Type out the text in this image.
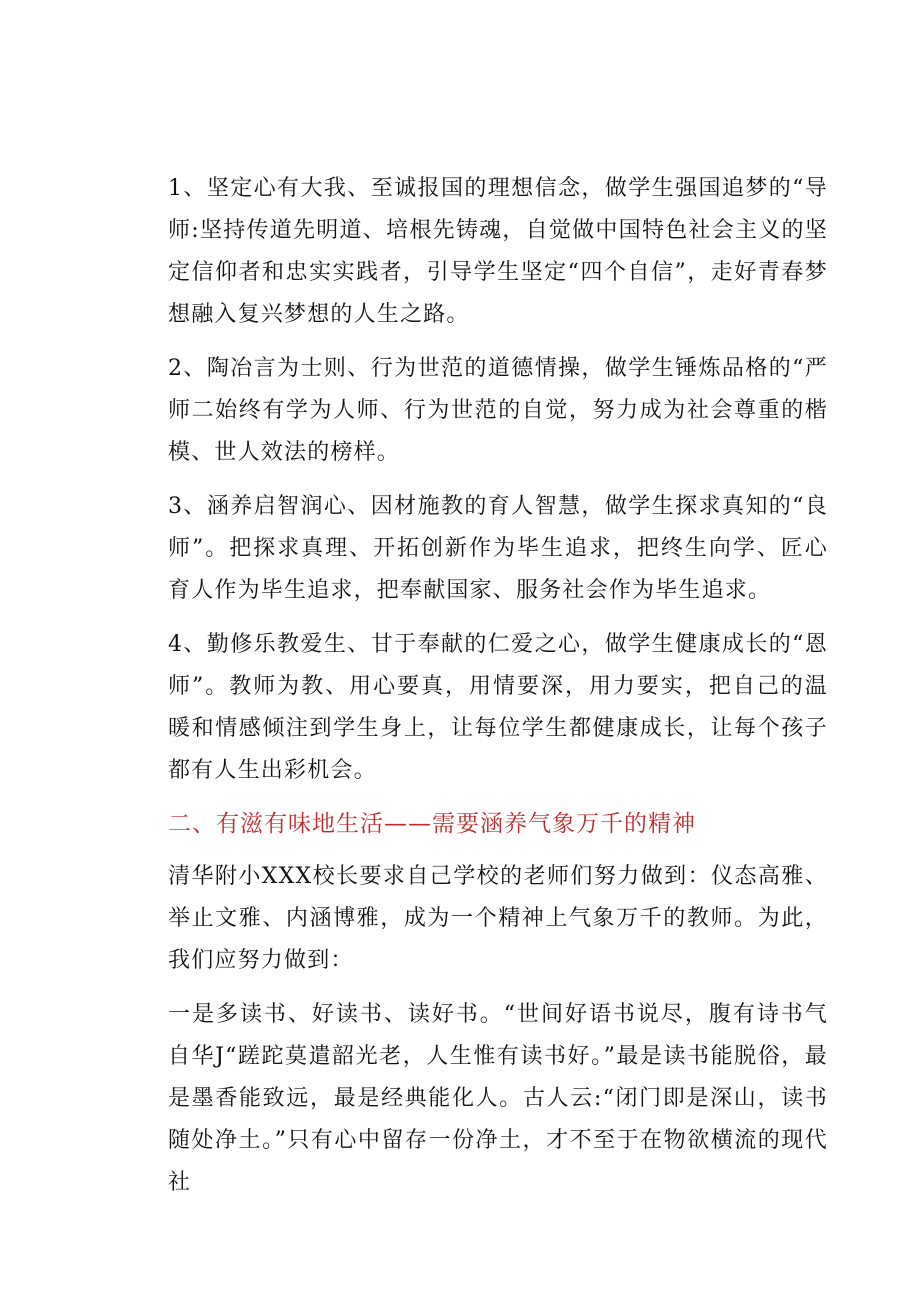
1、坚定心有大我、至诚报国的理想信念，做学生强国追梦的“导师:坚持传道先明道、培根先铸魂，自觉做中国特色社会主义的坚定信仰者和忠实实践者，引导学生坚定“四个自信”，走好青春梦想融入复兴梦想的人生之路。

2、陶冶言为士则、行为世范的道德情操，做学生锤炼品格的“严师二始终有学为人师、行为世范的自觉，努力成为社会尊重的楷模、世人效法的榜样。

3、涵养启智润心、因材施教的育人智慧，做学生探求真知的“良师”。把探求真理、开拓创新作为毕生追求，把终生向学、匠心育人作为毕生追求，把奉献国家、服务社会作为毕生追求。

4、勤修乐教爱生、甘于奉献的仁爱之心，做学生健康成长的“恩师”。教师为教、用心要真，用情要深，用力要实，把自己的温暖和情感倾注到学生身上，让每位学生都健康成长，让每个孩子都有人生出彩机会。

二、有滋有味地生活——需要涵养气象万千的精神

清华附小XXX校长要求自己学校的老师们努力做到：仪态高雅、举止文雅、内涵博雅，成为一个精神上气象万千的教师。为此，我们应努力做到：

一是多读书、好读书、读好书。“世间好语书说尽，腹有诗书气自华J“蹉跎莫遣韶光老，人生惟有读书好。”最是读书能脱俗，最是墨香能致远，最是经典能化人。古人云:“闭门即是深山，读书随处净土。”只有心中留存一份净土，才不至于在物欲横流的现代社
